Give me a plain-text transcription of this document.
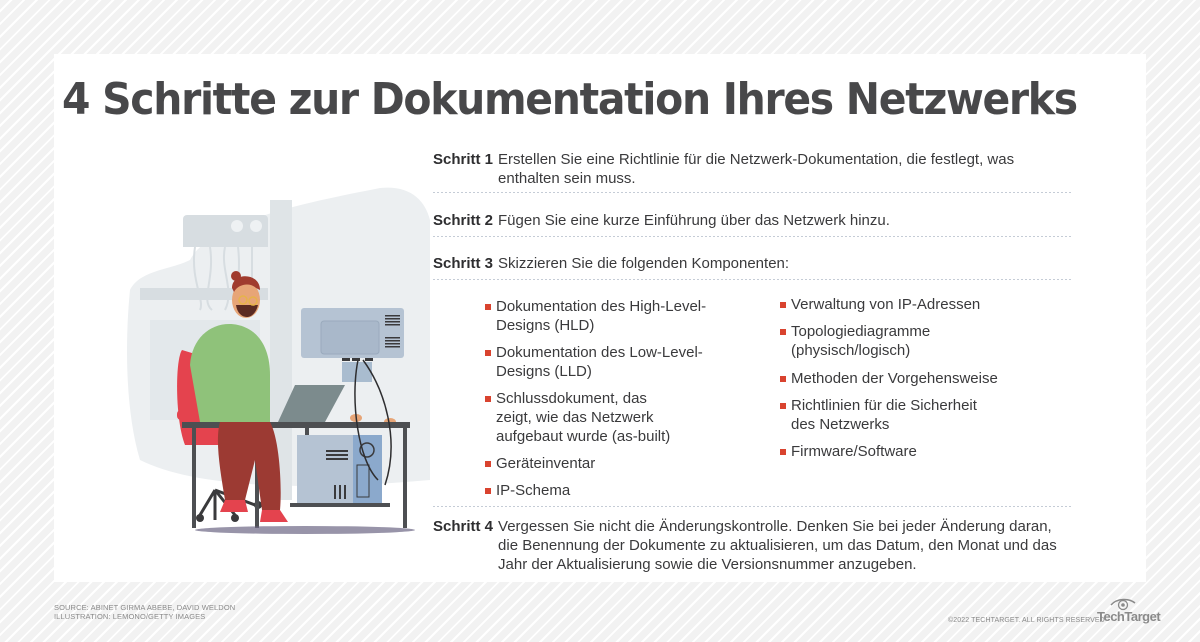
4 Schritte zur Dokumentation Ihres Netzwerks
Schritt 1 Erstellen Sie eine Richtlinie für die Netzwerk-Dokumentation, die festlegt, was enthalten sein muss.
Schritt 2 Fügen Sie eine kurze Einführung über das Netzwerk hinzu.
Schritt 3 Skizzieren Sie die folgenden Komponenten:
Schritt 4 Vergessen Sie nicht die Änderungskontrolle. Denken Sie bei jeder Änderung daran, die Benennung der Dokumente zu aktualisieren, um das Datum, den Monat und das Jahr der Aktualisierung sowie die Versionsnummer anzugeben.
Dokumentation des High-Level-Designs (HLD)
Dokumentation des Low-Level-Designs (LLD)
Schlussdokument, das zeigt, wie das Netzwerk aufgebaut wurde (as-built)
Geräteinventar
IP-Schema
Verwaltung von IP-Adressen
Topologiediagramme (physisch/logisch)
Methoden der Vorgehensweise
Richtlinien für die Sicherheit des Netzwerks
Firmware/Software
SOURCE: ABINET GIRMA ABEBE, DAVID WELDON
ILLUSTRATION: LEMONO/GETTY IMAGES	©2022 TECHTARGET. ALL RIGHTS RESERVED
TechTarget
